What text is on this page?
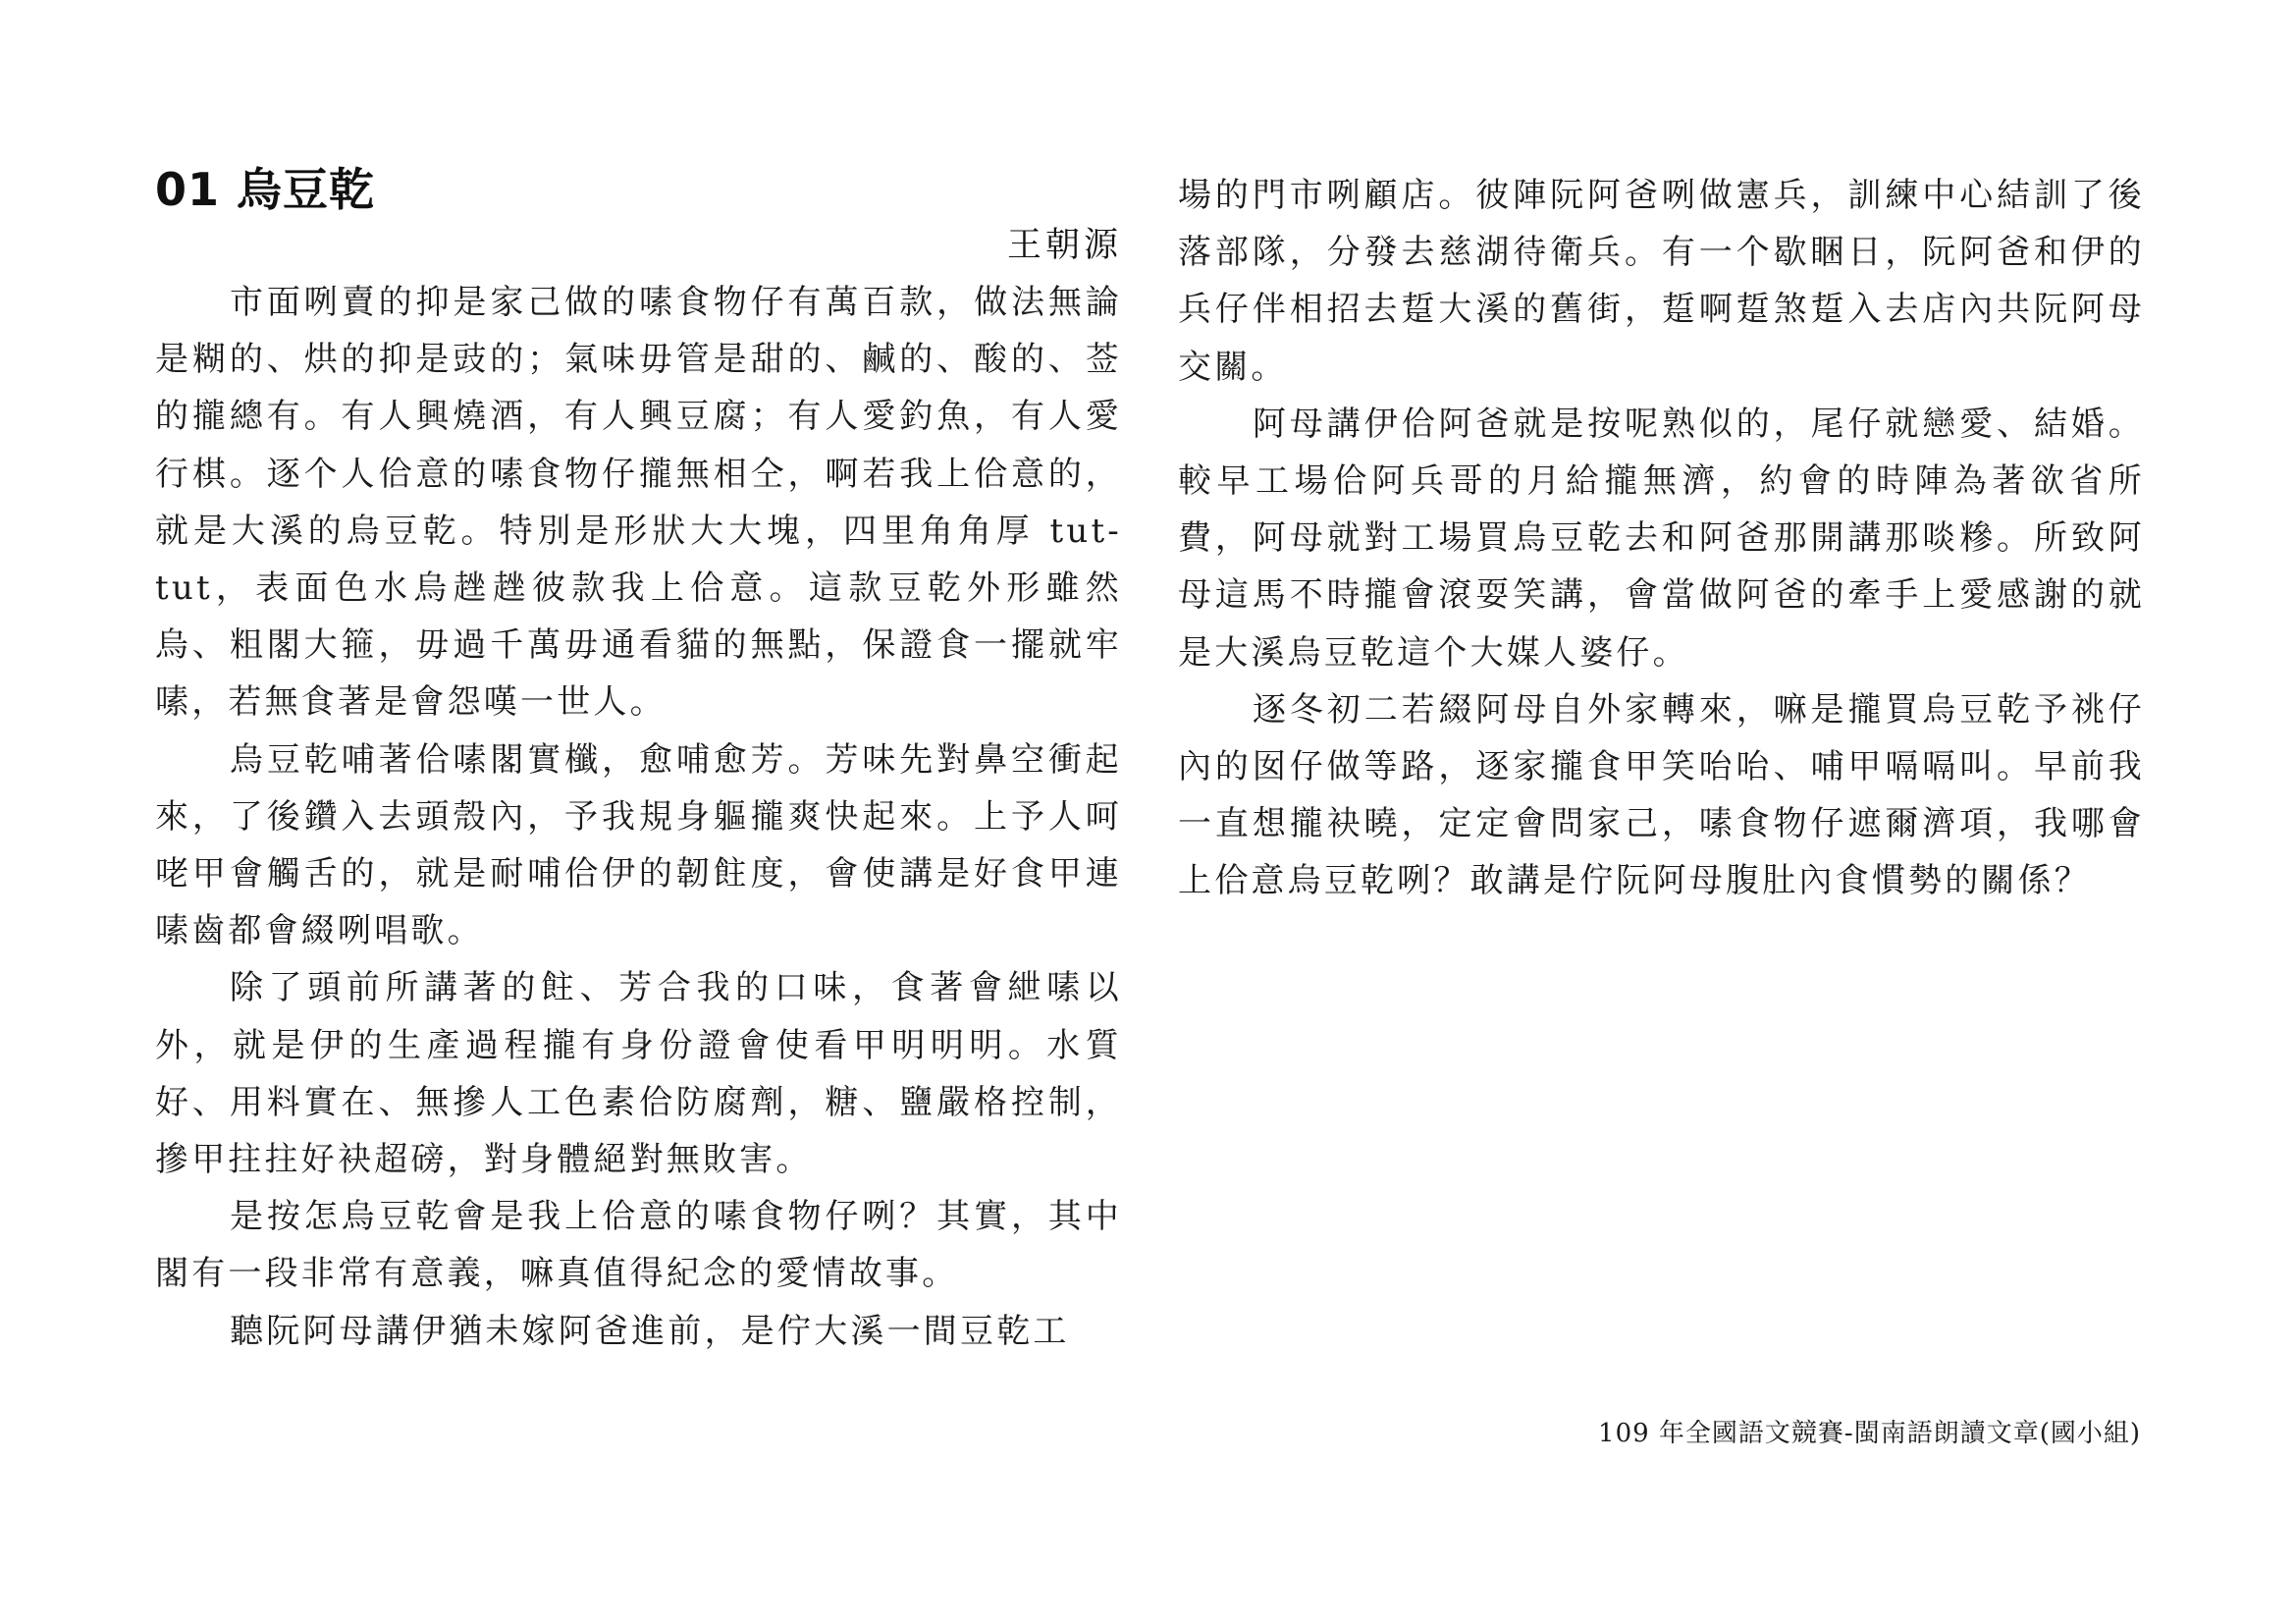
01 烏豆乾

王朝源

市面咧賣的抑是家己做的嗉食物仔有萬百款，做法無論是糊的、烘的抑是豉的；氣味毋管是甜的、鹹的、酸的、莶的攏總有。有人興燒酒，有人興豆腐；有人愛釣魚，有人愛行棋。逐个人佮意的嗉食物仔攏無相仝，啊若我上佮意的，就是大溪的烏豆乾。特別是形狀大大塊，四里角角厚 tut-tut，表面色水烏趖趖彼款我上佮意。這款豆乾外形雖然烏、粗閣大箍，毋過千萬毋通看貓的無點，保證食一擺就牢嗉，若無食著是會怨嘆一世人。

烏豆乾哺著佮嗉閣實櫼，愈哺愈芳。芳味先對鼻空衝起來，了後鑽入去頭殼內，予我規身軀攏爽快起來。上予人呵咾甲會觸舌的，就是耐哺佮伊的韌飳度，會使講是好食甲連嗉齒都會綴咧唱歌。

除了頭前所講著的飳、芳合我的口味，食著會紲嗉以外，就是伊的生產過程攏有身份證會使看甲明明明。水質好、用料實在、無摻人工色素佮防腐劑，糖、鹽嚴格控制，摻甲拄拄好袂超磅，對身體絕對無敗害。

是按怎烏豆乾會是我上佮意的嗉食物仔咧？其實，其中閣有一段非常有意義，嘛真值得紀念的愛情故事。

聽阮阿母講伊猶未嫁阿爸進前，是佇大溪一間豆乾工

場的門市咧顧店。彼陣阮阿爸咧做憲兵，訓練中心結訓了後落部隊，分發去慈湖待衛兵。有一个歇睏日，阮阿爸和伊的兵仔伴相招去踅大溪的舊街，踅啊踅煞踅入去店內共阮阿母交關。

阿母講伊佮阿爸就是按呢熟似的，尾仔就戀愛、結婚。較早工場佮阿兵哥的月給攏無濟，約會的時陣為著欲省所費，阿母就對工場買烏豆乾去和阿爸那開講那啖糝。所致阿母這馬不時攏會滾耍笑講，會當做阿爸的牽手上愛感謝的就是大溪烏豆乾這个大媒人婆仔。

逐冬初二若綴阿母自外家轉來，嘛是攏買烏豆乾予祧仔內的囡仔做等路，逐家攏食甲笑咍咍、哺甲嗝嗝叫。早前我一直想攏袂曉，定定會問家己，嗉食物仔遮爾濟項，我哪會上佮意烏豆乾咧？敢講是佇阮阿母腹肚內食慣勢的關係？

109 年全國語文競賽-閩南語朗讀文章(國小組)
